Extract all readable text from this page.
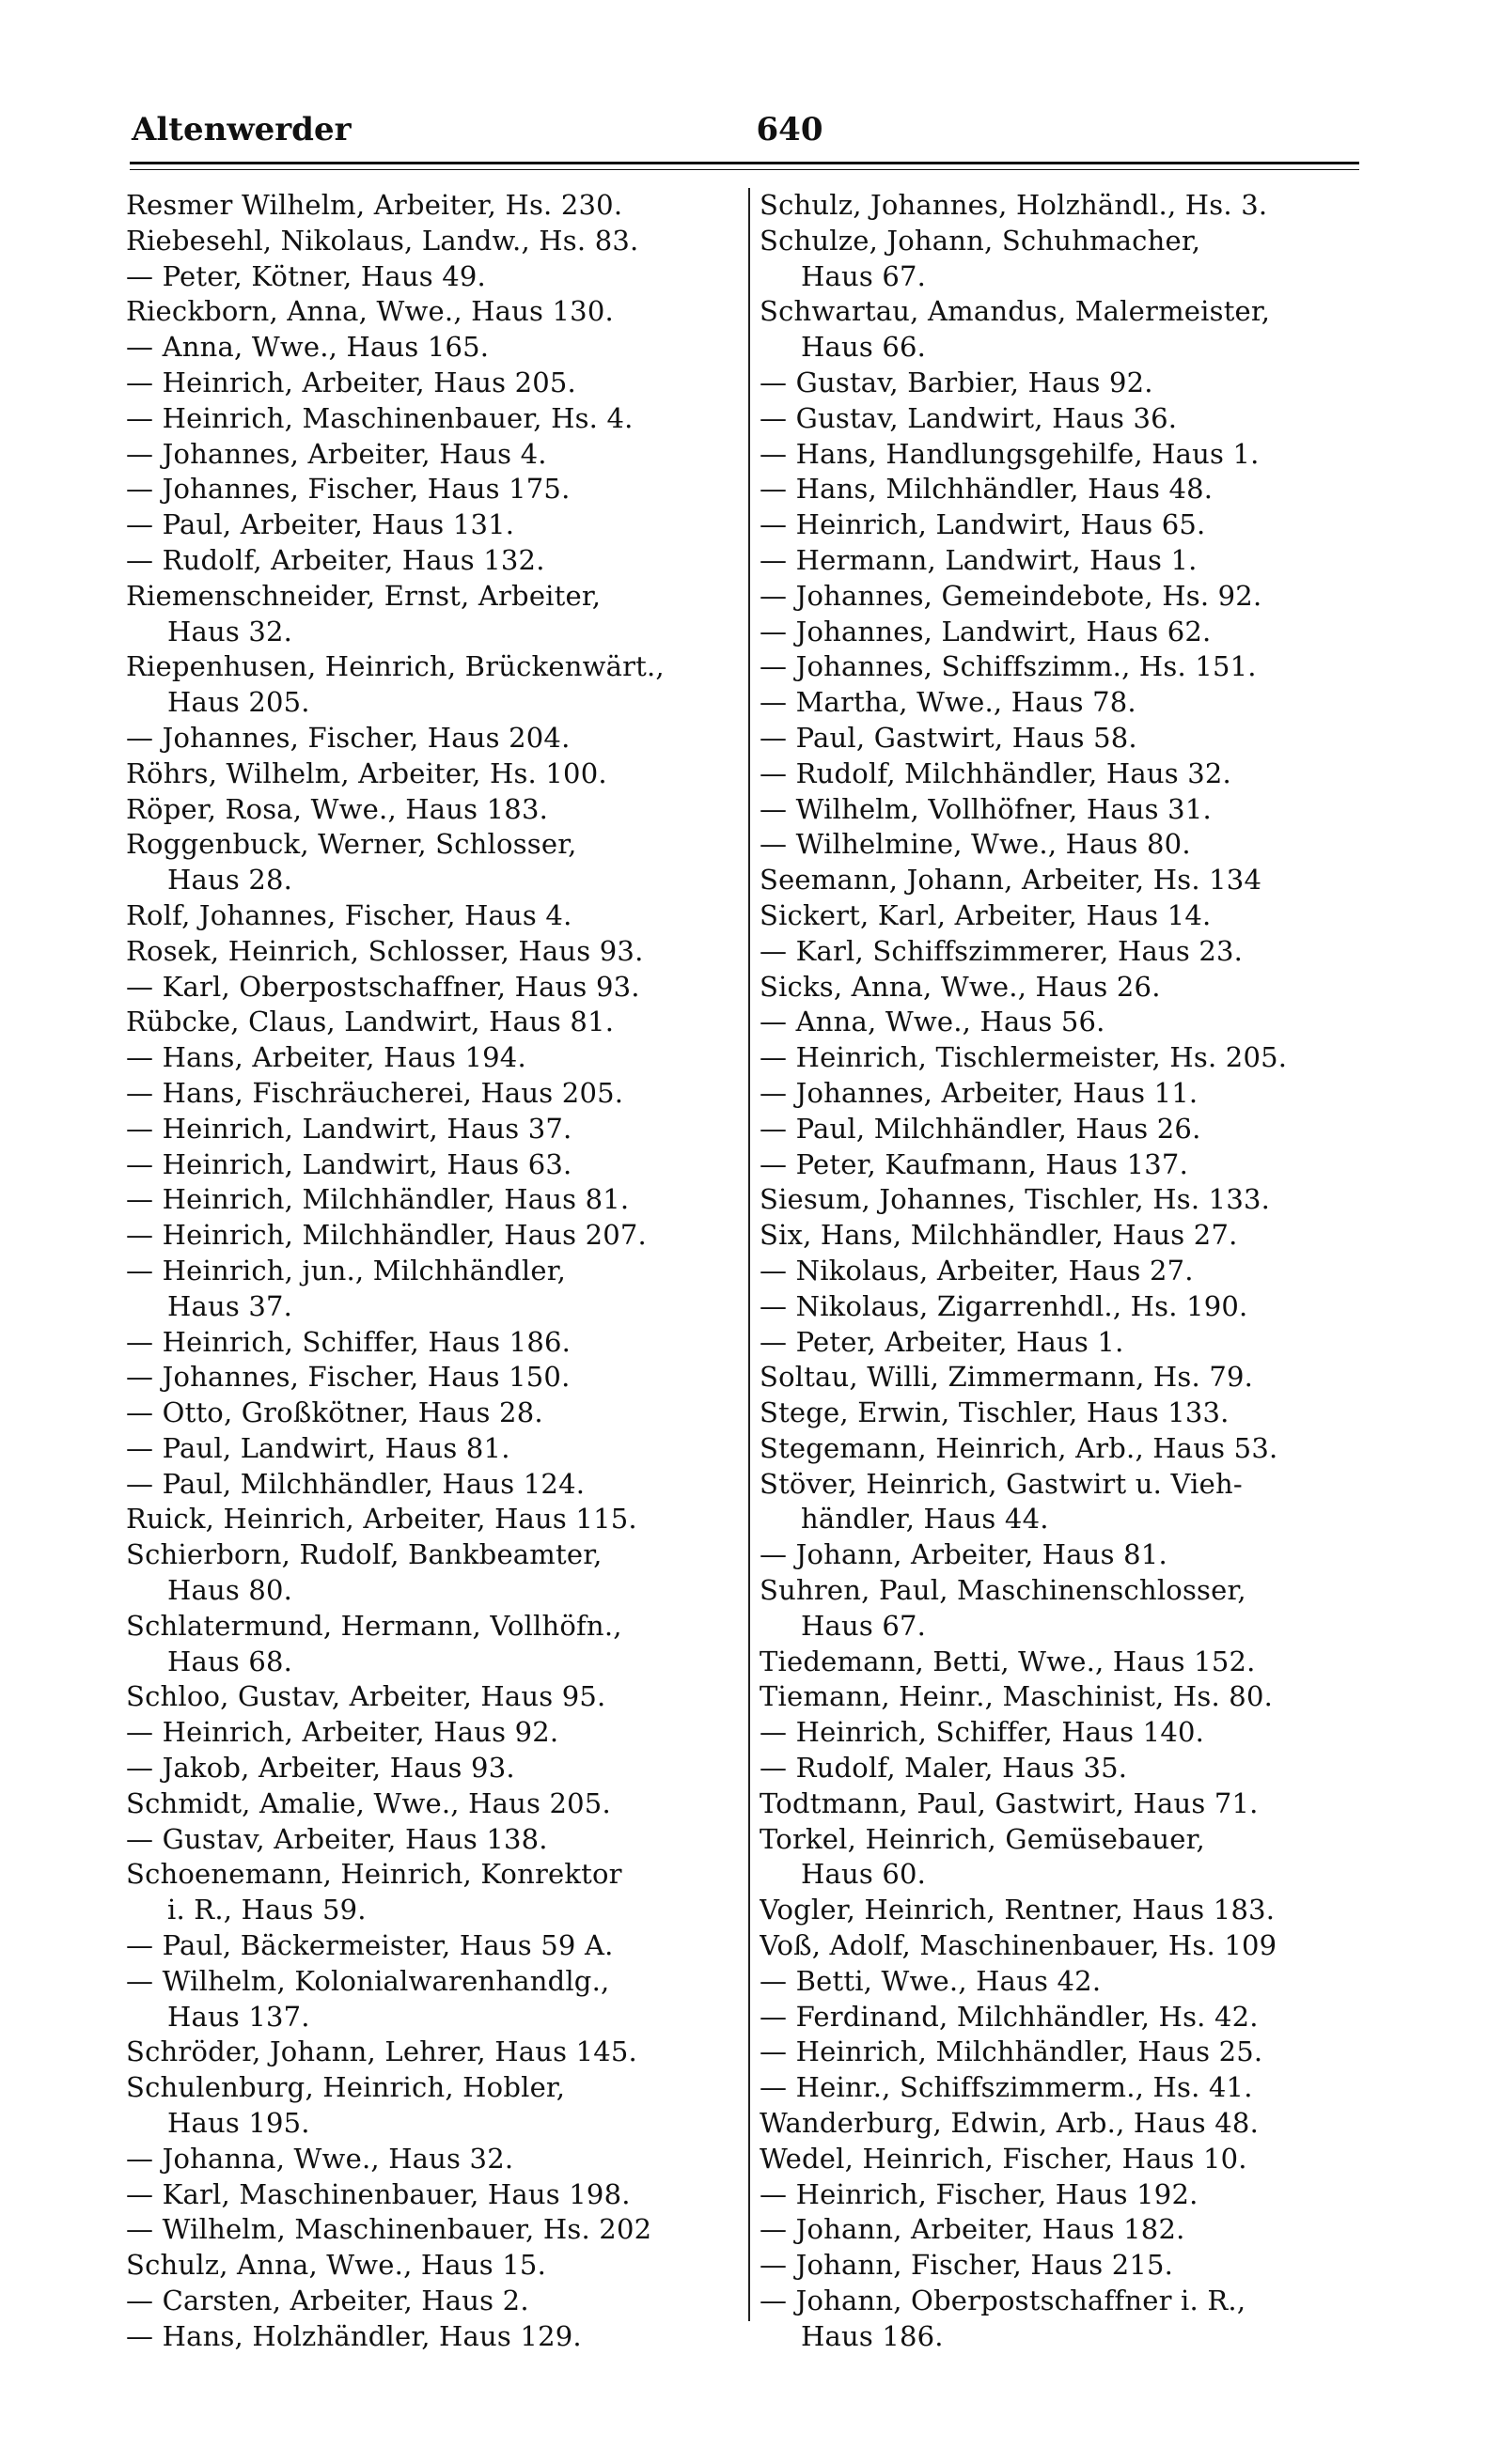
Altenwerder	640
Resmer Wilhelm, Arbeiter, Hs. 230.
Riebesehl, Nikolaus, Landw., Hs. 83.
— Peter, Kötner, Haus 49.
Rieckborn, Anna, Wwe., Haus 130.
— Anna, Wwe., Haus 165.
— Heinrich, Arbeiter, Haus 205.
— Heinrich, Maschinenbauer, Hs. 4.
— Johannes, Arbeiter, Haus 4.
— Johannes, Fischer, Haus 175.
— Paul, Arbeiter, Haus 131.
— Rudolf, Arbeiter, Haus 132.
Riemenschneider, Ernst, Arbeiter,
Haus 32.
Riepenhusen, Heinrich, Brückenwärt.,
Haus 205.
— Johannes, Fischer, Haus 204.
Röhrs, Wilhelm, Arbeiter, Hs. 100.
Röper, Rosa, Wwe., Haus 183.
Roggenbuck, Werner, Schlosser,
Haus 28.
Rolf, Johannes, Fischer, Haus 4.
Rosek, Heinrich, Schlosser, Haus 93.
— Karl, Oberpostschaffner, Haus 93.
Rübcke, Claus, Landwirt, Haus 81.
— Hans, Arbeiter, Haus 194.
— Hans, Fischräucherei, Haus 205.
— Heinrich, Landwirt, Haus 37.
— Heinrich, Landwirt, Haus 63.
— Heinrich, Milchhändler, Haus 81.
— Heinrich, Milchhändler, Haus 207.
— Heinrich, jun., Milchhändler,
Haus 37.
— Heinrich, Schiffer, Haus 186.
— Johannes, Fischer, Haus 150.
— Otto, Großkötner, Haus 28.
— Paul, Landwirt, Haus 81.
— Paul, Milchhändler, Haus 124.
Ruick, Heinrich, Arbeiter, Haus 115.
Schierborn, Rudolf, Bankbeamter,
Haus 80.
Schlatermund, Hermann, Vollhöfn.,
Haus 68.
Schloo, Gustav, Arbeiter, Haus 95.
— Heinrich, Arbeiter, Haus 92.
— Jakob, Arbeiter, Haus 93.
Schmidt, Amalie, Wwe., Haus 205.
— Gustav, Arbeiter, Haus 138.
Schoenemann, Heinrich, Konrektor
i. R., Haus 59.
— Paul, Bäckermeister, Haus 59 A.
— Wilhelm, Kolonialwarenhandlg.,
Haus 137.
Schröder, Johann, Lehrer, Haus 145.
Schulenburg, Heinrich, Hobler,
Haus 195.
— Johanna, Wwe., Haus 32.
— Karl, Maschinenbauer, Haus 198.
— Wilhelm, Maschinenbauer, Hs. 202
Schulz, Anna, Wwe., Haus 15.
— Carsten, Arbeiter, Haus 2.
— Hans, Holzhändler, Haus 129.
Schulz, Johannes, Holzhändl., Hs. 3.
Schulze, Johann, Schuhmacher,
Haus 67.
Schwartau, Amandus, Malermeister,
Haus 66.
— Gustav, Barbier, Haus 92.
— Gustav, Landwirt, Haus 36.
— Hans, Handlungsgehilfe, Haus 1.
— Hans, Milchhändler, Haus 48.
— Heinrich, Landwirt, Haus 65.
— Hermann, Landwirt, Haus 1.
— Johannes, Gemeindebote, Hs. 92.
— Johannes, Landwirt, Haus 62.
— Johannes, Schiffszimm., Hs. 151.
— Martha, Wwe., Haus 78.
— Paul, Gastwirt, Haus 58.
— Rudolf, Milchhändler, Haus 32.
— Wilhelm, Vollhöfner, Haus 31.
— Wilhelmine, Wwe., Haus 80.
Seemann, Johann, Arbeiter, Hs. 134
Sickert, Karl, Arbeiter, Haus 14.
— Karl, Schiffszimmerer, Haus 23.
Sicks, Anna, Wwe., Haus 26.
— Anna, Wwe., Haus 56.
— Heinrich, Tischlermeister, Hs. 205.
— Johannes, Arbeiter, Haus 11.
— Paul, Milchhändler, Haus 26.
— Peter, Kaufmann, Haus 137.
Siesum, Johannes, Tischler, Hs. 133.
Six, Hans, Milchhändler, Haus 27.
— Nikolaus, Arbeiter, Haus 27.
— Nikolaus, Zigarrenhdl., Hs. 190.
— Peter, Arbeiter, Haus 1.
Soltau, Willi, Zimmermann, Hs. 79.
Stege, Erwin, Tischler, Haus 133.
Stegemann, Heinrich, Arb., Haus 53.
Stöver, Heinrich, Gastwirt u. Vieh-
händler, Haus 44.
— Johann, Arbeiter, Haus 81.
Suhren, Paul, Maschinenschlosser,
Haus 67.
Tiedemann, Betti, Wwe., Haus 152.
Tiemann, Heinr., Maschinist, Hs. 80.
— Heinrich, Schiffer, Haus 140.
— Rudolf, Maler, Haus 35.
Todtmann, Paul, Gastwirt, Haus 71.
Torkel, Heinrich, Gemüsebauer,
Haus 60.
Vogler, Heinrich, Rentner, Haus 183.
Voß, Adolf, Maschinenbauer, Hs. 109
— Betti, Wwe., Haus 42.
— Ferdinand, Milchhändler, Hs. 42.
— Heinrich, Milchhändler, Haus 25.
— Heinr., Schiffszimmerm., Hs. 41.
Wanderburg, Edwin, Arb., Haus 48.
Wedel, Heinrich, Fischer, Haus 10.
— Heinrich, Fischer, Haus 192.
— Johann, Arbeiter, Haus 182.
— Johann, Fischer, Haus 215.
— Johann, Oberpostschaffner i. R.,
Haus 186.
